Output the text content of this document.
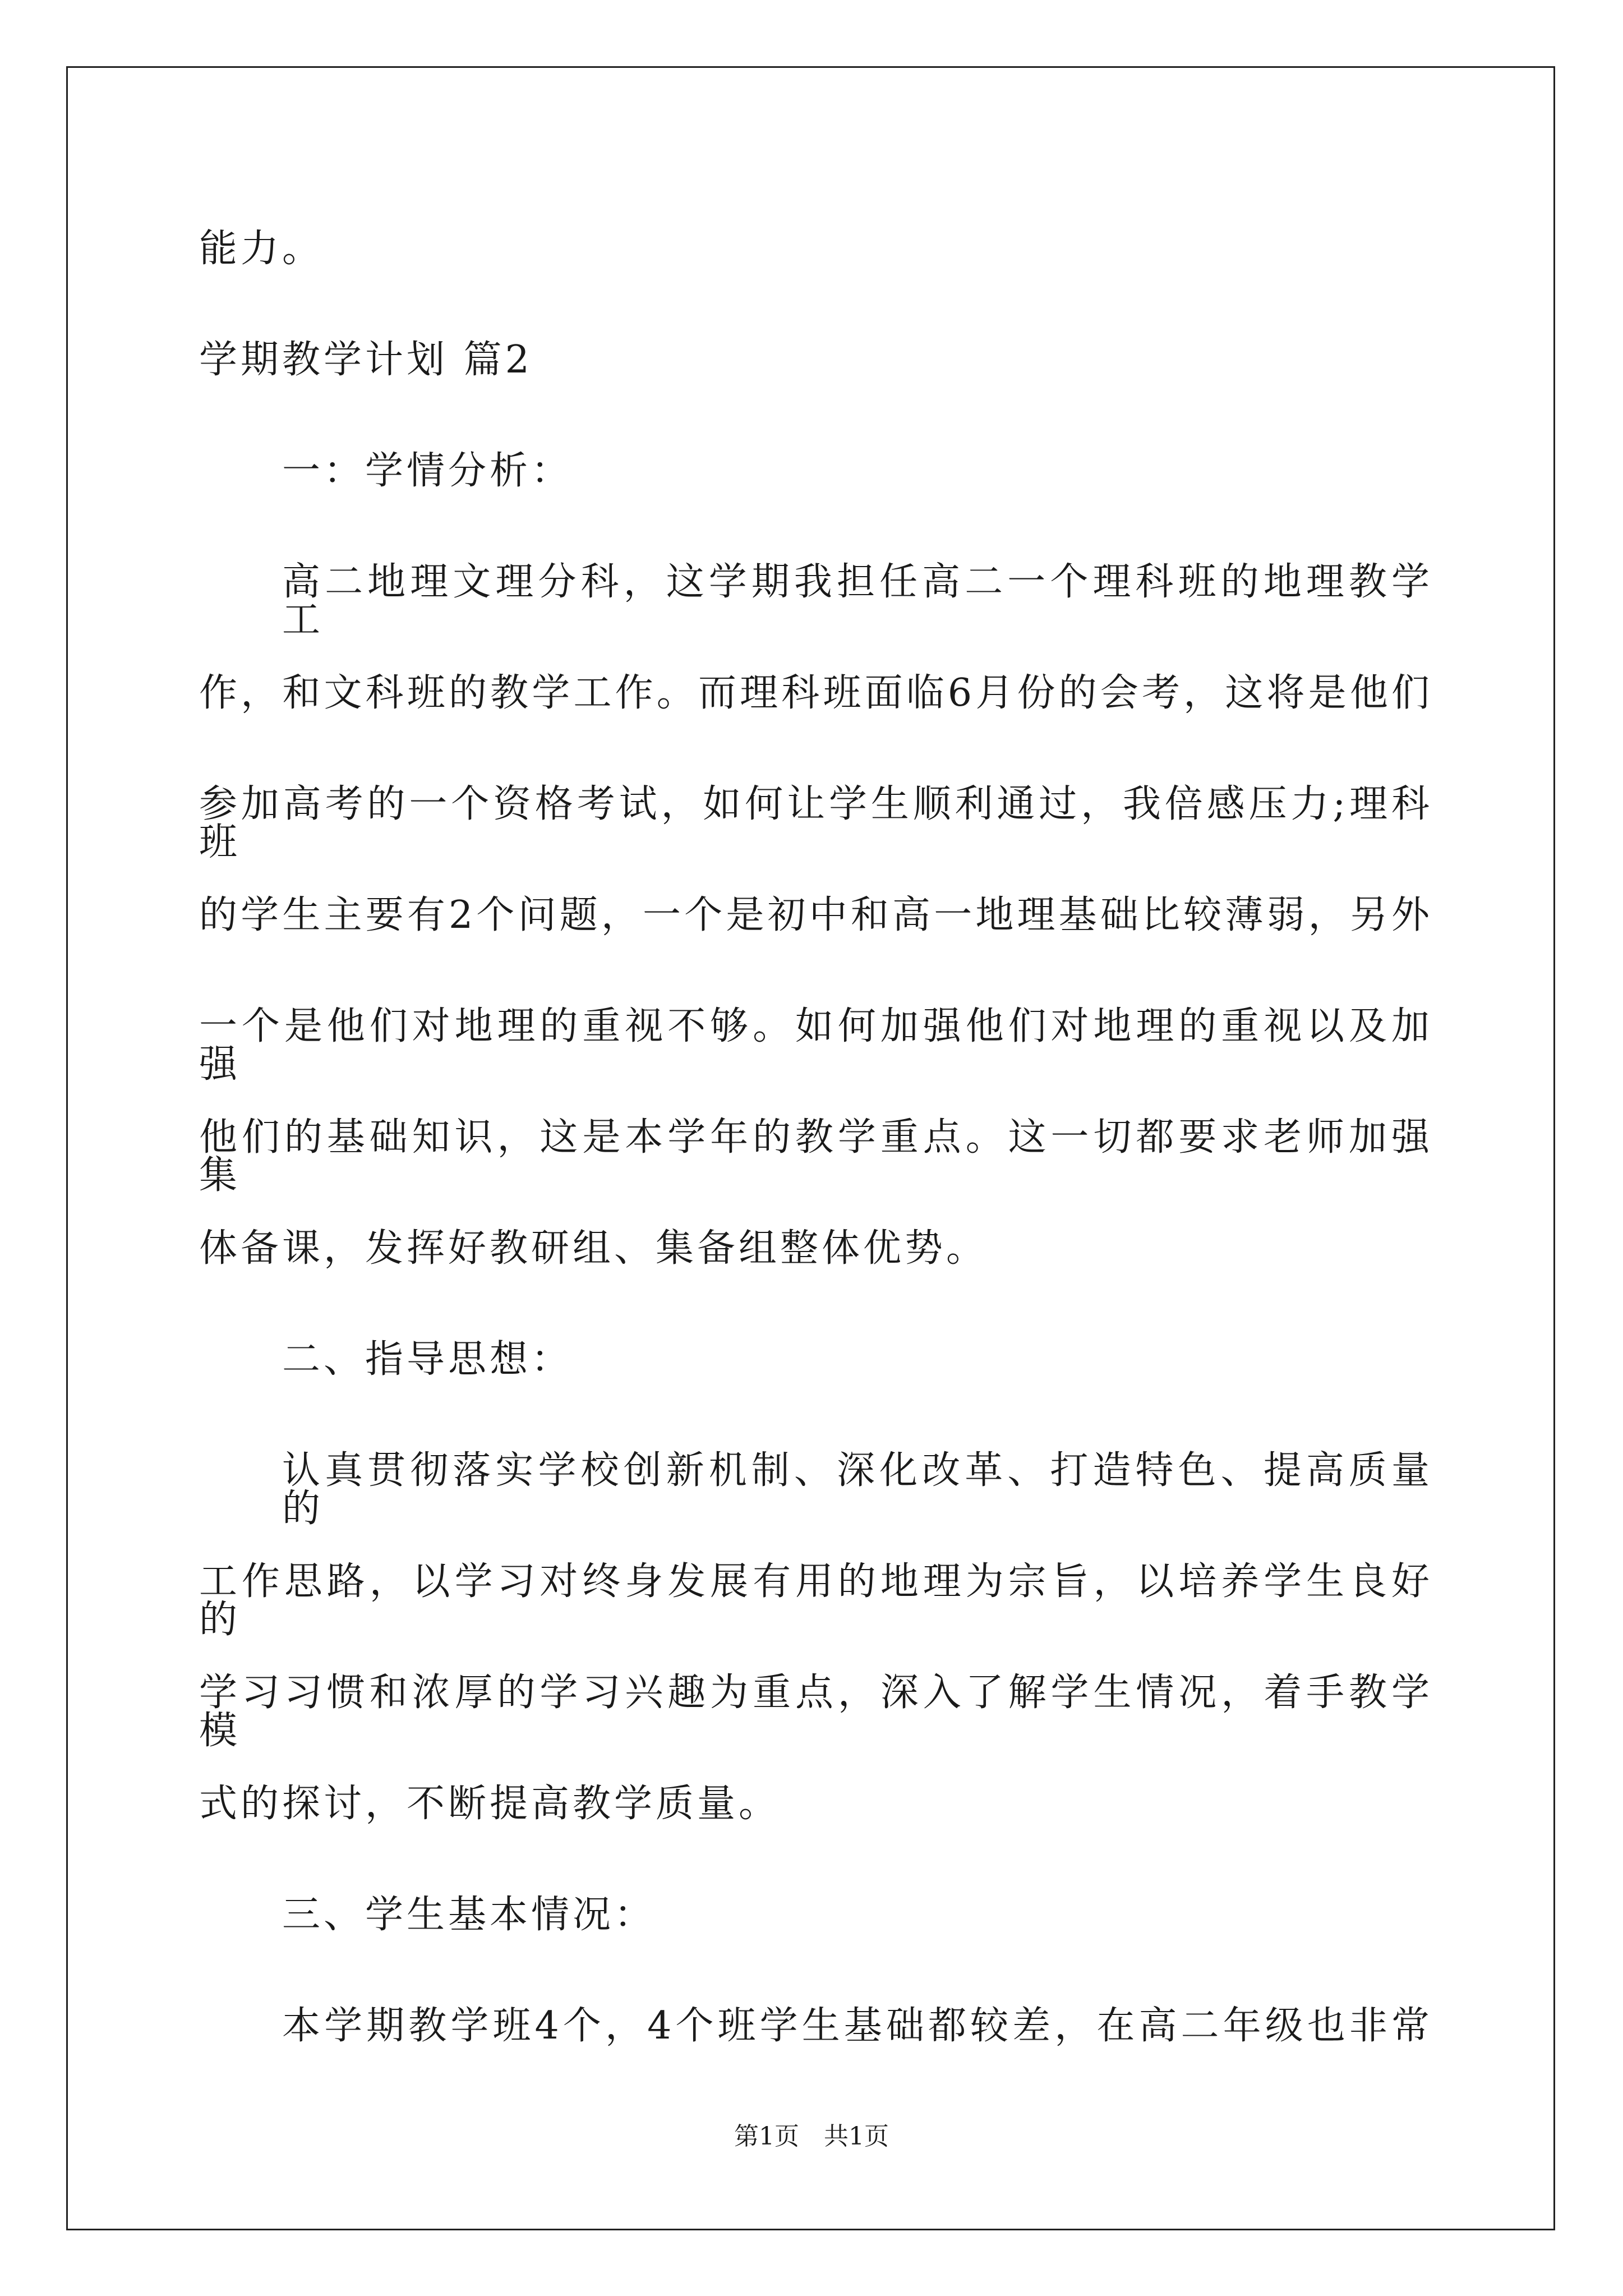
能力。
学期教学计划 篇2
一：学情分析：
高二地理文理分科，这学期我担任高二一个理科班的地理教学工
作，和文科班的教学工作。而理科班面临6月份的会考，这将是他们
参加高考的一个资格考试，如何让学生顺利通过，我倍感压力;理科班
的学生主要有2个问题，一个是初中和高一地理基础比较薄弱，另外
一个是他们对地理的重视不够。如何加强他们对地理的重视以及加强
他们的基础知识，这是本学年的教学重点。这一切都要求老师加强集
体备课，发挥好教研组、集备组整体优势。
二、指导思想：
认真贯彻落实学校创新机制、深化改革、打造特色、提高质量的
工作思路，以学习对终身发展有用的地理为宗旨，以培养学生良好的
学习习惯和浓厚的学习兴趣为重点，深入了解学生情况，着手教学模
式的探讨，不断提高教学质量。
三、学生基本情况：
本学期教学班4个，4个班学生基础都较差，在高二年级也非常
第1页　共1页
